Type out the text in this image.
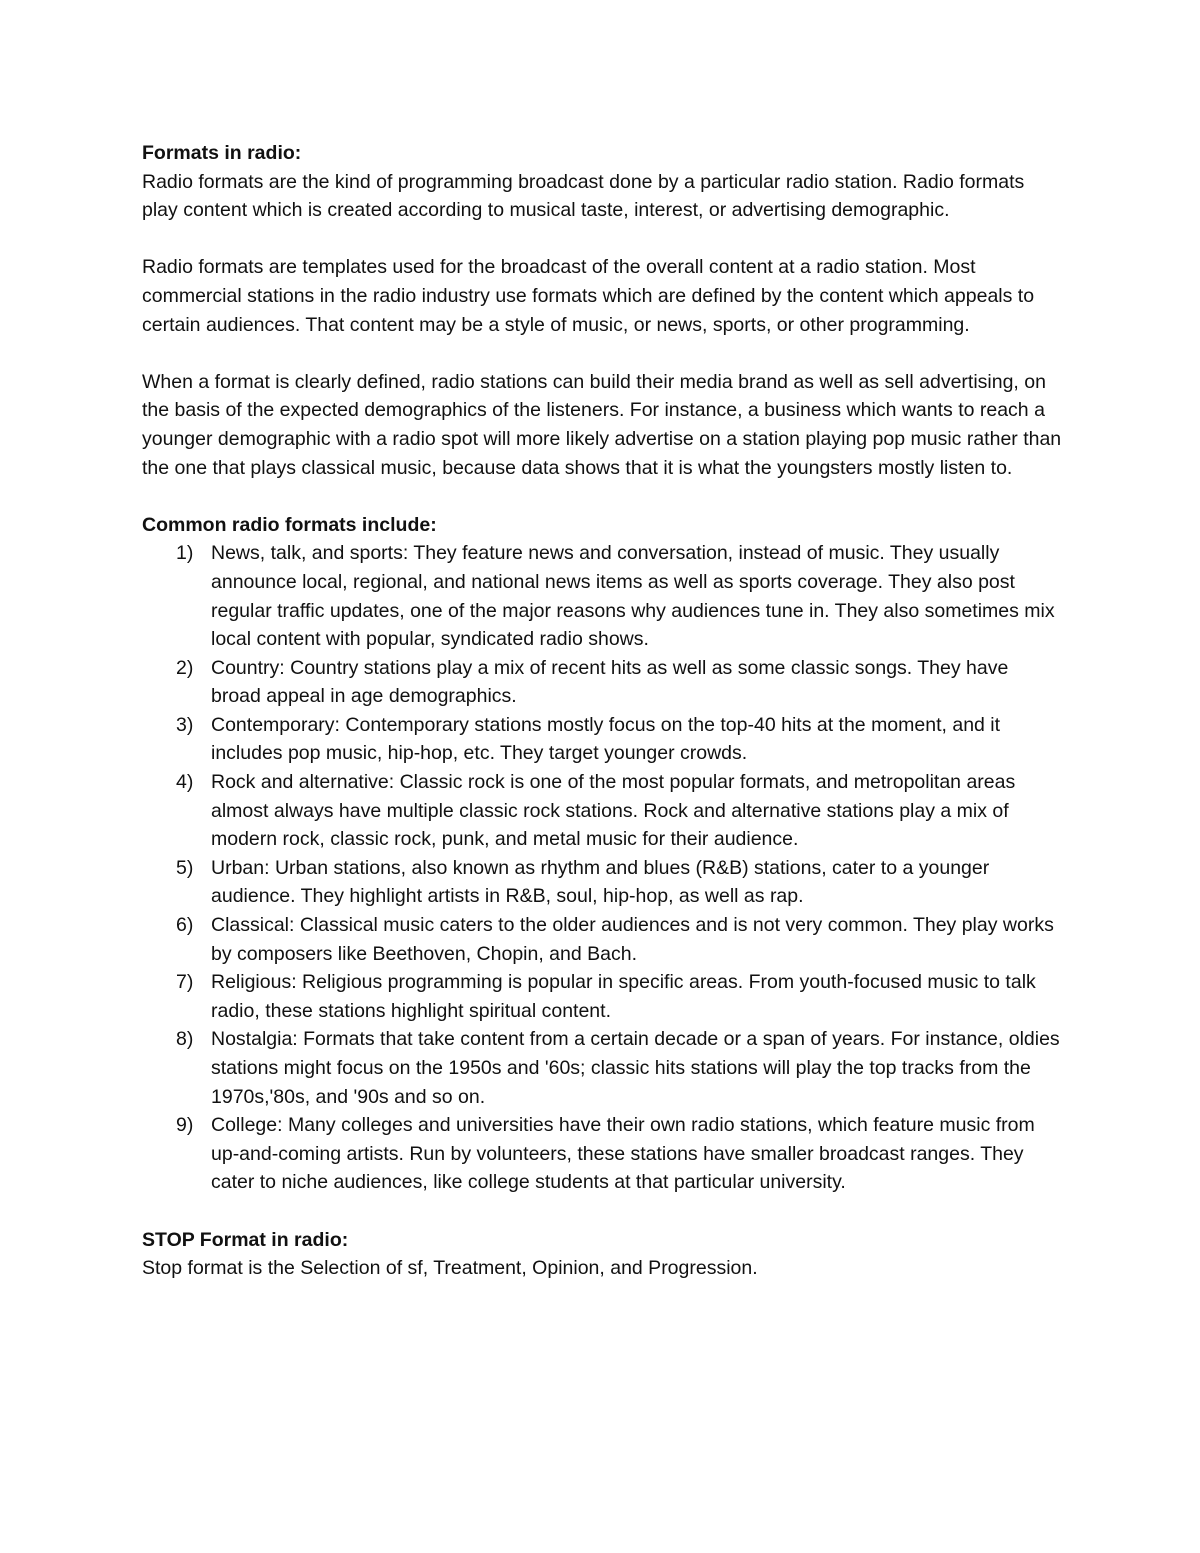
Formats in radio:

Radio formats are the kind of programming broadcast done by a particular radio station. Radio formats play content which is created according to musical taste, interest, or advertising demographic.

Radio formats are templates used for the broadcast of the overall content at a radio station. Most commercial stations in the radio industry use formats which are defined by the content which appeals to certain audiences. That content may be a style of music, or news, sports, or other programming.

When a format is clearly defined, radio stations can build their media brand as well as sell advertising, on the basis of the expected demographics of the listeners. For instance, a business which wants to reach a younger demographic with a radio spot will more likely advertise on a station playing pop music rather than the one that plays classical music, because data shows that it is what the youngsters mostly listen to.

Common radio formats include:

1) News, talk, and sports: They feature news and conversation, instead of music. They usually announce local, regional, and national news items as well as sports coverage. They also post regular traffic updates, one of the major reasons why audiences tune in. They also sometimes mix local content with popular, syndicated radio shows.
2) Country: Country stations play a mix of recent hits as well as some classic songs. They have broad appeal in age demographics.
3) Contemporary: Contemporary stations mostly focus on the top-40 hits at the moment, and it includes pop music, hip-hop, etc. They target younger crowds.
4) Rock and alternative: Classic rock is one of the most popular formats, and metropolitan areas almost always have multiple classic rock stations. Rock and alternative stations play a mix of modern rock, classic rock, punk, and metal music for their audience.
5) Urban: Urban stations, also known as rhythm and blues (R&B) stations, cater to a younger audience. They highlight artists in R&B, soul, hip-hop, as well as rap.
6) Classical: Classical music caters to the older audiences and is not very common. They play works by composers like Beethoven, Chopin, and Bach.
7) Religious: Religious programming is popular in specific areas. From youth-focused music to talk radio, these stations highlight spiritual content.
8) Nostalgia: Formats that take content from a certain decade or a span of years. For instance, oldies stations might focus on the 1950s and '60s; classic hits stations will play the top tracks from the 1970s,'80s, and '90s and so on.
9) College: Many colleges and universities have their own radio stations, which feature music from up-and-coming artists. Run by volunteers, these stations have smaller broadcast ranges. They cater to niche audiences, like college students at that particular university.

STOP Format in radio:

Stop format is the Selection of sf, Treatment, Opinion, and Progression.
